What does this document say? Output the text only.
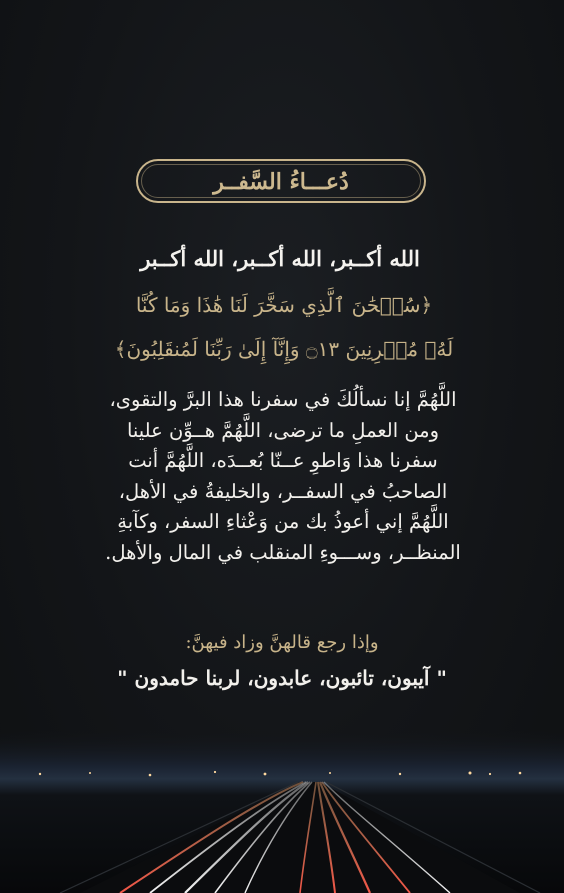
دُعـــاءُ السَّفــر
الله أكــبر، الله أكــبر، الله أكــبر
﴿سُبۡحَٰنَ ٱلَّذِي سَخَّرَ لَنَا هَٰذَا وَمَا كُنَّا
لَهُۥ مُقۡرِنِينَ ۝١٣ وَإِنَّآ إِلَىٰ رَبِّنَا لَمُنقَلِبُونَ﴾
اللَّهُمَّ إنا نسألُكَ في سفرنا هذا البرَّ والتقوى،
ومن العملِ ما ترضى، اللَّهُمَّ هــوِّن علينا
سفرنا هذا وَاطوِ عــنّا بُعــدَه، اللَّهُمَّ أنت
الصاحبُ في السفــر، والخليفةُ في الأهل،
اللَّهُمَّ إني أعوذُ بك من وَعْثاءِ السفر، وكآبةِ
المنظــر، وســـوءِ المنقلب في المال والأهل.
وإذا رجع قالهنَّ وزاد فيهنَّ:
" آيبون، تائبون، عابدون، لربنا حامدون "
